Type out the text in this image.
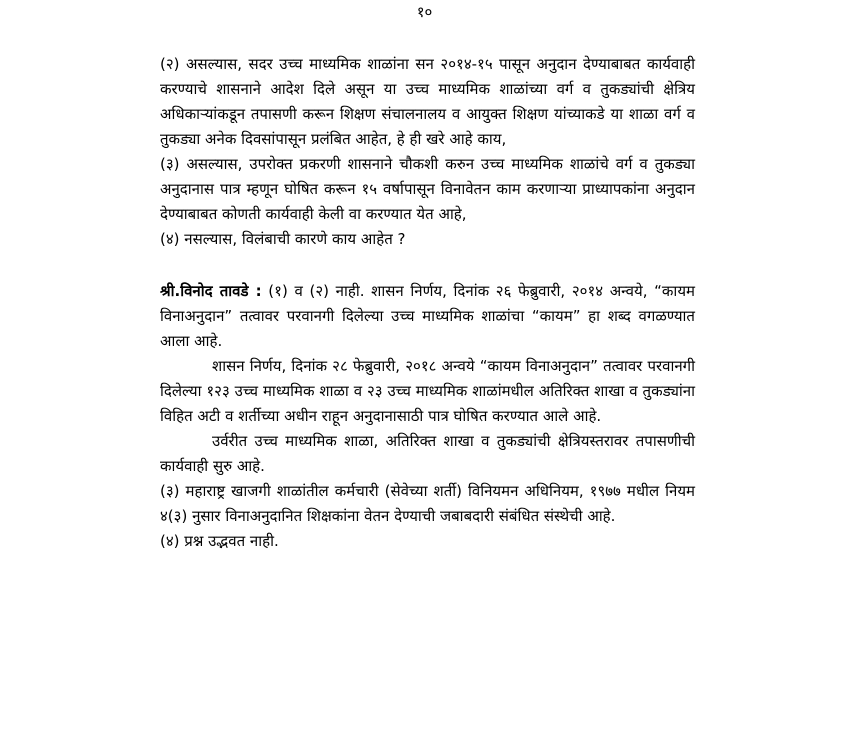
१०

(२) असल्यास, सदर उच्च माध्यमिक शाळांना सन २०१४-१५ पासून अनुदान देण्याबाबत कार्यवाही करण्याचे शासनाने आदेश दिले असून या उच्च माध्यमिक शाळांच्या वर्ग व तुकड्यांची क्षेत्रिय अधिकाऱ्यांकडून तपासणी करून शिक्षण संचालनालय व आयुक्त शिक्षण यांच्याकडे या शाळा वर्ग व तुकड्या अनेक दिवसांपासून प्रलंबित आहेत, हे ही खरे आहे काय,

(३) असल्यास, उपरोक्त प्रकरणी शासनाने चौकशी करुन उच्च माध्यमिक शाळांचे वर्ग व तुकड्या अनुदानास पात्र म्हणून घोषित करून १५ वर्षापासून विनावेतन काम करणाऱ्या प्राध्यापकांना अनुदान देण्याबाबत कोणती कार्यवाही केली वा करण्यात येत आहे,

(४) नसल्यास, विलंबाची कारणे काय आहेत ?

श्री.विनोद तावडे : (१) व (२) नाही. शासन निर्णय, दिनांक २६ फेब्रुवारी, २०१४ अन्वये, “कायम विनाअनुदान” तत्वावर परवानगी दिलेल्या उच्च माध्यमिक शाळांचा “कायम” हा शब्द वगळण्यात आला आहे.

शासन निर्णय, दिनांक २८ फेब्रुवारी, २०१८ अन्वये “कायम विनाअनुदान” तत्वावर परवानगी दिलेल्या १२३ उच्च माध्यमिक शाळा व २३ उच्च माध्यमिक शाळांमधील अतिरिक्त शाखा व तुकड्यांना विहित अटी व शर्तीच्या अधीन राहून अनुदानासाठी पात्र घोषित करण्यात आले आहे.

उर्वरीत उच्च माध्यमिक शाळा, अतिरिक्त शाखा व तुकड्यांची क्षेत्रियस्तरावर तपासणीची कार्यवाही सुरु आहे.

(३) महाराष्ट्र खाजगी शाळांतील कर्मचारी (सेवेच्या शर्ती) विनियमन अधिनियम, १९७७ मधील नियम ४(३) नुसार विनाअनुदानित शिक्षकांना वेतन देण्याची जबाबदारी संबंधित संस्थेची आहे.

(४) प्रश्न उद्भवत नाही.
